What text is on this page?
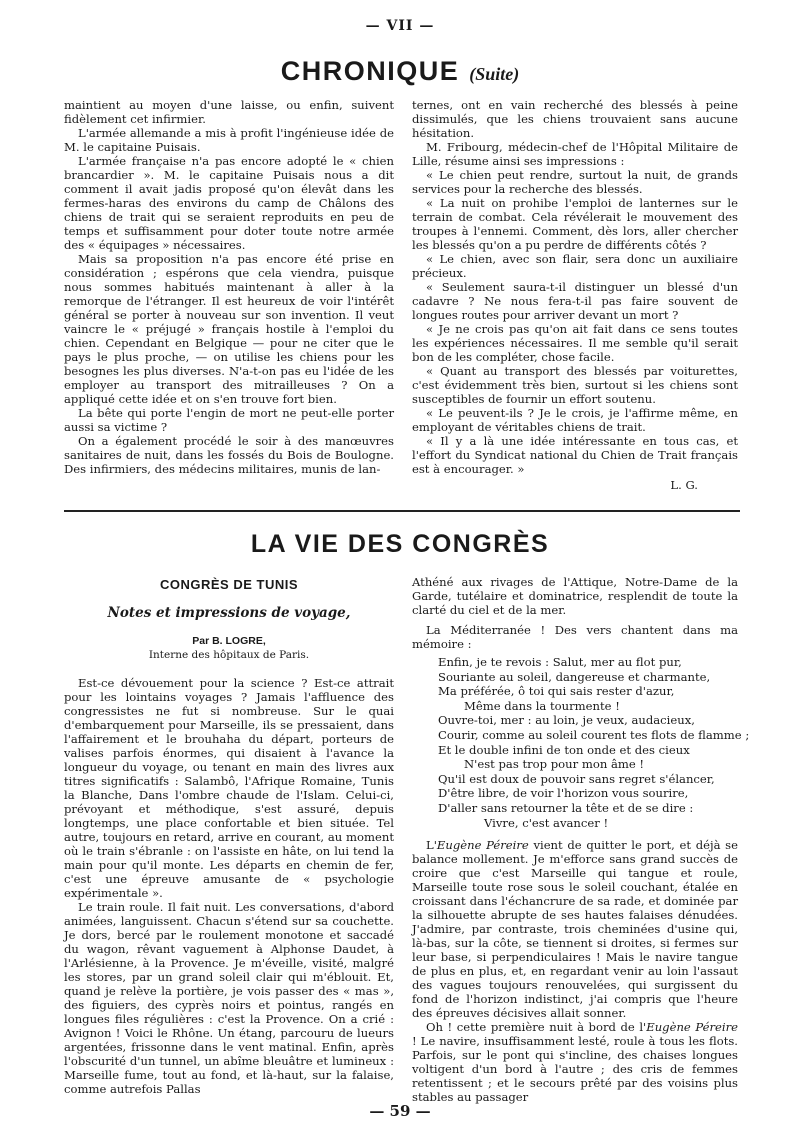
— VII —
CHRONIQUE (Suite)

maintient au moyen d'une laisse, ou enfin, suivent fidèlement cet infirmier.

L'armée allemande a mis à profit l'ingénieuse idée de M. le capitaine Puisais.

L'armée française n'a pas encore adopté le « chien brancardier ». M. le capitaine Puisais nous a dit comment il avait jadis proposé qu'on élevât dans les fermes-haras des environs du camp de Châlons des chiens de trait qui se seraient reproduits en peu de temps et suffisamment pour doter toute notre armée des « équipages » nécessaires.

Mais sa proposition n'a pas encore été prise en considération ; espérons que cela viendra, puisque nous sommes habitués maintenant à aller à la remorque de l'étranger. Il est heureux de voir l'intérêt général se porter à nouveau sur son invention. Il veut vaincre le « préjugé » français hostile à l'emploi du chien. Cependant en Belgique — pour ne citer que le pays le plus proche, — on utilise les chiens pour les besognes les plus diverses. N'a-t-on pas eu l'idée de les employer au transport des mitrailleuses ? On a appliqué cette idée et on s'en trouve fort bien.

La bête qui porte l'engin de mort ne peut-elle porter aussi sa victime ?

On a également procédé le soir à des manœuvres sanitaires de nuit, dans les fossés du Bois de Boulogne. Des infirmiers, des médecins militaires, munis de lan-

ternes, ont en vain recherché des blessés à peine dissimulés, que les chiens trouvaient sans aucune hésitation.

M. Fribourg, médecin-chef de l'Hôpital Militaire de Lille, résume ainsi ses impressions :

« Le chien peut rendre, surtout la nuit, de grands services pour la recherche des blessés.

« La nuit on prohibe l'emploi de lanternes sur le terrain de combat. Cela révélerait le mouvement des troupes à l'ennemi. Comment, dès lors, aller chercher les blessés qu'on a pu perdre de différents côtés ?

« Le chien, avec son flair, sera donc un auxiliaire précieux.

« Seulement saura-t-il distinguer un blessé d'un cadavre ? Ne nous fera-t-il pas faire souvent de longues routes pour arriver devant un mort ?

« Je ne crois pas qu'on ait fait dans ce sens toutes les expériences nécessaires. Il me semble qu'il serait bon de les compléter, chose facile.

« Quant au transport des blessés par voiturettes, c'est évidemment très bien, surtout si les chiens sont susceptibles de fournir un effort soutenu.

« Le peuvent-ils ? Je le crois, je l'affirme même, en employant de véritables chiens de trait.

« Il y a là une idée intéressante en tous cas, et l'effort du Syndicat national du Chien de Trait français est à encourager. »

L. G.

LA VIE DES CONGRÈS
CONGRÈS DE TUNIS
Notes et impressions de voyage,
Par B. LOGRE,
Interne des hôpitaux de Paris.

Est-ce dévouement pour la science ? Est-ce attrait pour les lointains voyages ? Jamais l'affluence des congressistes ne fut si nombreuse. Sur le quai d'embarquement pour Marseille, ils se pressaient, dans l'affairement et le brouhaha du départ, porteurs de valises parfois énormes, qui disaient à l'avance la longueur du voyage, ou tenant en main des livres aux titres significatifs : Salambô, l'Afrique Romaine, Tunis la Blanche, Dans l'ombre chaude de l'Islam. Celui-ci, prévoyant et méthodique, s'est assuré, depuis longtemps, une place confortable et bien située. Tel autre, toujours en retard, arrive en courant, au moment où le train s'ébranle : on l'assiste en hâte, on lui tend la main pour qu'il monte. Les départs en chemin de fer, c'est une épreuve amusante de « psychologie expérimentale ».

Le train roule. Il fait nuit. Les conversations, d'abord animées, languissent. Chacun s'étend sur sa couchette. Je dors, bercé par le roulement monotone et saccadé du wagon, rêvant vaguement à Alphonse Daudet, à l'Arlésienne, à la Provence. Je m'éveille, visité, malgré les stores, par un grand soleil clair qui m'éblouit. Et, quand je relève la portière, je vois passer des « mas », des figuiers, des cyprès noirs et pointus, rangés en longues files régulières : c'est la Provence. On a crié : Avignon ! Voici le Rhône. Un étang, parcouru de lueurs argentées, frissonne dans le vent matinal. Enfin, après l'obscurité d'un tunnel, un abîme bleuâtre et lumineux : Marseille fume, tout au fond, et là-haut, sur la falaise, comme autrefois Pallas

Athéné aux rivages de l'Attique, Notre-Dame de la Garde, tutélaire et dominatrice, resplendit de toute la clarté du ciel et de la mer.

La Méditerranée ! Des vers chantent dans ma mémoire :

Enfin, je te revois : Salut, mer au flot pur,
Souriante au soleil, dangereuse et charmante,
Ma préférée, ô toi qui sais rester d'azur,
Même dans la tourmente !
Ouvre-toi, mer : au loin, je veux, audacieux,
Courir, comme au soleil courent tes flots de flamme ;
Et le double infini de ton onde et des cieux
N'est pas trop pour mon âme !
Qu'il est doux de pouvoir sans regret s'élancer,
D'être libre, de voir l'horizon vous sourire,
D'aller sans retourner la tête et de se dire :
Vivre, c'est avancer !

L'Eugène Péreire vient de quitter le port, et déjà se balance mollement. Je m'efforce sans grand succès de croire que c'est Marseille qui tangue et roule, Marseille toute rose sous le soleil couchant, étalée en croissant dans l'échancrure de sa rade, et dominée par la silhouette abrupte de ses hautes falaises dénudées. J'admire, par contraste, trois cheminées d'usine qui, là-bas, sur la côte, se tiennent si droites, si fermes sur leur base, si perpendiculaires ! Mais le navire tangue de plus en plus, et, en regardant venir au loin l'assaut des vagues toujours renouvelées, qui surgissent du fond de l'horizon indistinct, j'ai compris que l'heure des épreuves décisives allait sonner.

Oh ! cette première nuit à bord de l'Eugène Péreire ! Le navire, insuffisamment lesté, roule à tous les flots. Parfois, sur le pont qui s'incline, des chaises longues voltigent d'un bord à l'autre ; des cris de femmes retentissent ; et le secours prêté par des voisins plus stables au passager

— 59 —
